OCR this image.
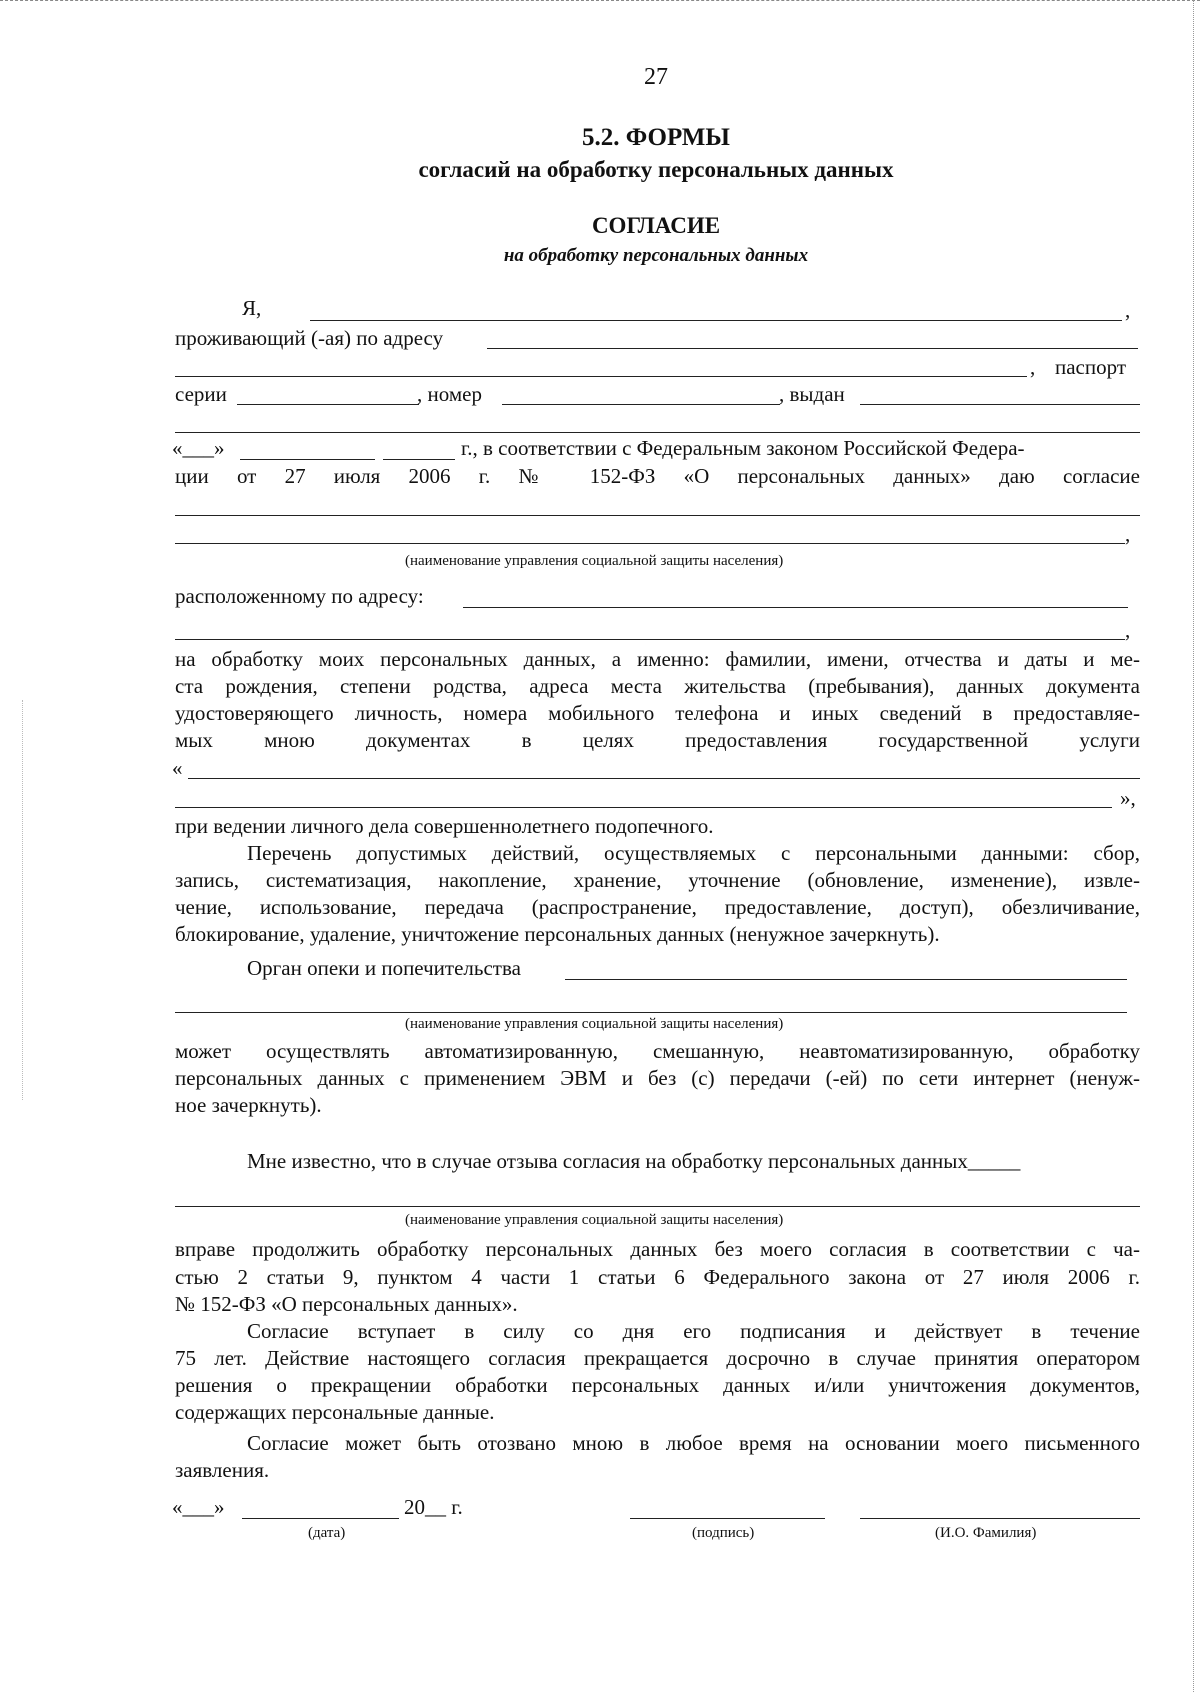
27
5.2. ФОРМЫ
согласий на обработку персональных данных
СОГЛАСИЕ
на обработку персональных данных
Я,	,
проживающий (-ая) по адресу
, паспорт
серии	, номер	, выдан
«___»	г., в соответствии с Федеральным законом Российской Федера-
ции от 27 июля 2006 г. № 152-ФЗ «О персональных данных» даю согласие
,
(наименование управления социальной защиты населения)
расположенному по адресу:
,
на обработку моих персональных данных, а именно: фамилии, имени, отчества и даты и ме-
ста рождения, степени родства, адреса места жительства (пребывания), данных документа
удостоверяющего личность, номера мобильного телефона и иных сведений в предоставляе-
мых мною документах в целях предоставления государственной услуги
«
»,
при ведении личного дела совершеннолетнего подопечного.
Перечень допустимых действий, осуществляемых с персональными данными: сбор,
запись, систематизация, накопление, хранение, уточнение (обновление, изменение), извле-
чение, использование, передача (распространение, предоставление, доступ), обезличивание,
блокирование, удаление, уничтожение персональных данных (ненужное зачеркнуть).
Орган опеки и попечительства
(наименование управления социальной защиты населения)
может осуществлять автоматизированную, смешанную, неавтоматизированную, обработку
персональных данных с применением ЭВМ и без (с) передачи (-ей) по сети интернет (ненуж-
ное зачеркнуть).
Мне известно, что в случае отзыва согласия на обработку персональных данных_____
(наименование управления социальной защиты населения)
вправе продолжить обработку персональных данных без моего согласия в соответствии с ча-
стью 2 статьи 9, пунктом 4 части 1 статьи 6 Федерального закона от 27 июля 2006 г.
№ 152-ФЗ «О персональных данных».
Согласие вступает в силу со дня его подписания и действует в течение
75 лет. Действие настоящего согласия прекращается досрочно в случае принятия оператором
решения о прекращении обработки персональных данных и/или уничтожения документов,
содержащих персональные данные.
Согласие может быть отозвано мною в любое время на основании моего письменного
заявления.
«___»	20__ г.
(дата)	(подпись)	(И.О. Фамилия)
